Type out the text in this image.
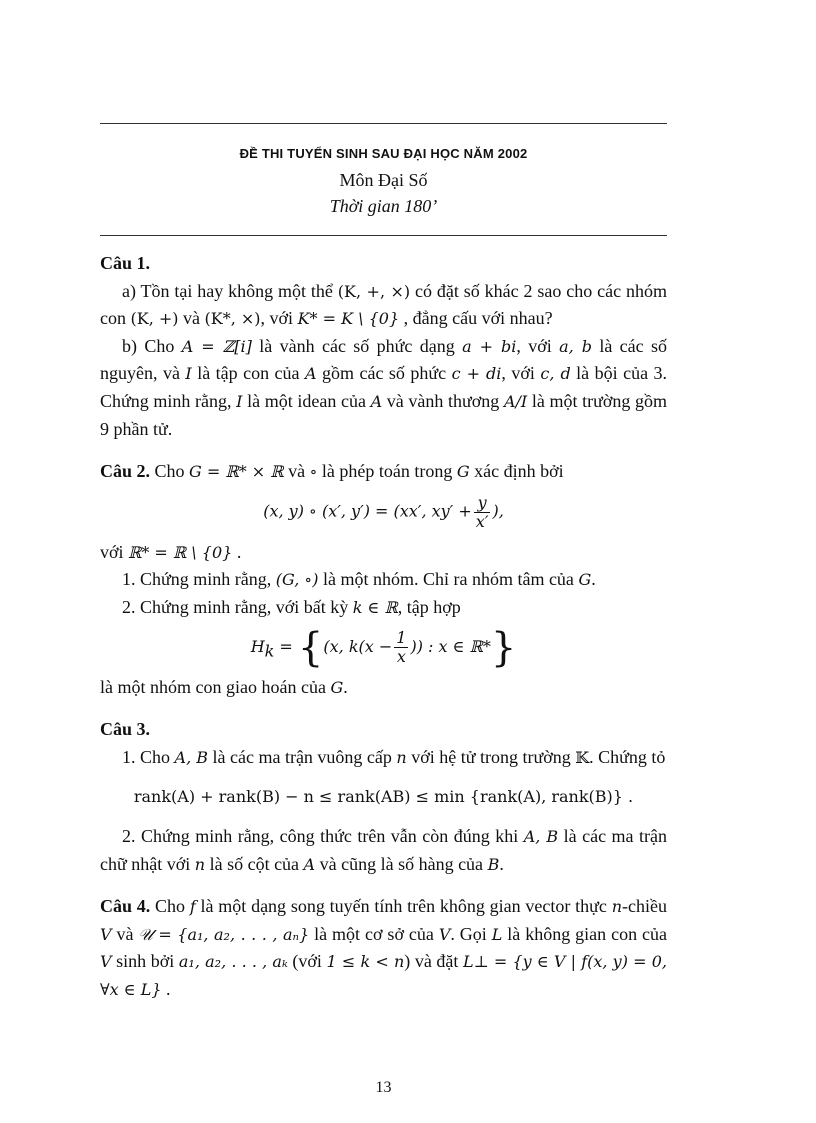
ĐỀ THI TUYỂN SINH SAU ĐẠI HỌC NĂM 2002
Môn Đại Số
Thời gian 180’

Câu 1.

a) Tồn tại hay không một thể (K, +, ×) có đặt số khác 2 sao cho các nhóm con (K, +) và (K*, ×), với K* = K \ {0} , đẳng cấu với nhau?

b) Cho A = ℤ[i] là vành các số phức dạng a + bi, với a, b là các số nguyên, và I là tập con của A gồm các số phức c + di, với c, d là bội của 3. Chứng minh rằng, I là một idean của A và vành thương A/I là một trường gồm 9 phần tử.

Câu 2. Cho G = ℝ* × ℝ và ∘ là phép toán trong G xác định bởi

(x, y) ∘ (x′, y′) = (xx′, $xy' + \frac{y}{x'}$ ),

với ℝ* = ℝ \ {0} .

1. Chứng minh rằng, (G, ∘) là một nhóm. Chỉ ra nhóm tâm của G.

2. Chứng minh rằng, với bất kỳ k ∈ ℝ, tập hợp

$H_k = \{(x$, $k(x - \frac{1}{x}$ )) : x ∈ ℝ*}

là một nhóm con giao hoán của G.

Câu 3.

1. Cho A, B là các ma trận vuông cấp n với hệ tử trong trường 𝕂. Chứng tỏ

rank(A) + rank(B) − n ≤ rank(AB) ≤ min {rank(A), rank(B)} .

2. Chứng minh rằng, công thức trên vẫn còn đúng khi A, B là các ma trận chữ nhật với n là số cột của A và cũng là số hàng của B.

Câu 4. Cho f là một dạng song tuyến tính trên không gian vector thực n-chiều V và 𝒰 = {a₁, a₂, . . . , aₙ} là một cơ sở của V. Gọi L là không gian con của V sinh bởi a₁, a₂, . . . , aₖ (với 1 ≤ k < n) và đặt L⊥ = {y ∈ V | f(x, y) = 0, ∀x ∈ L} .

13
